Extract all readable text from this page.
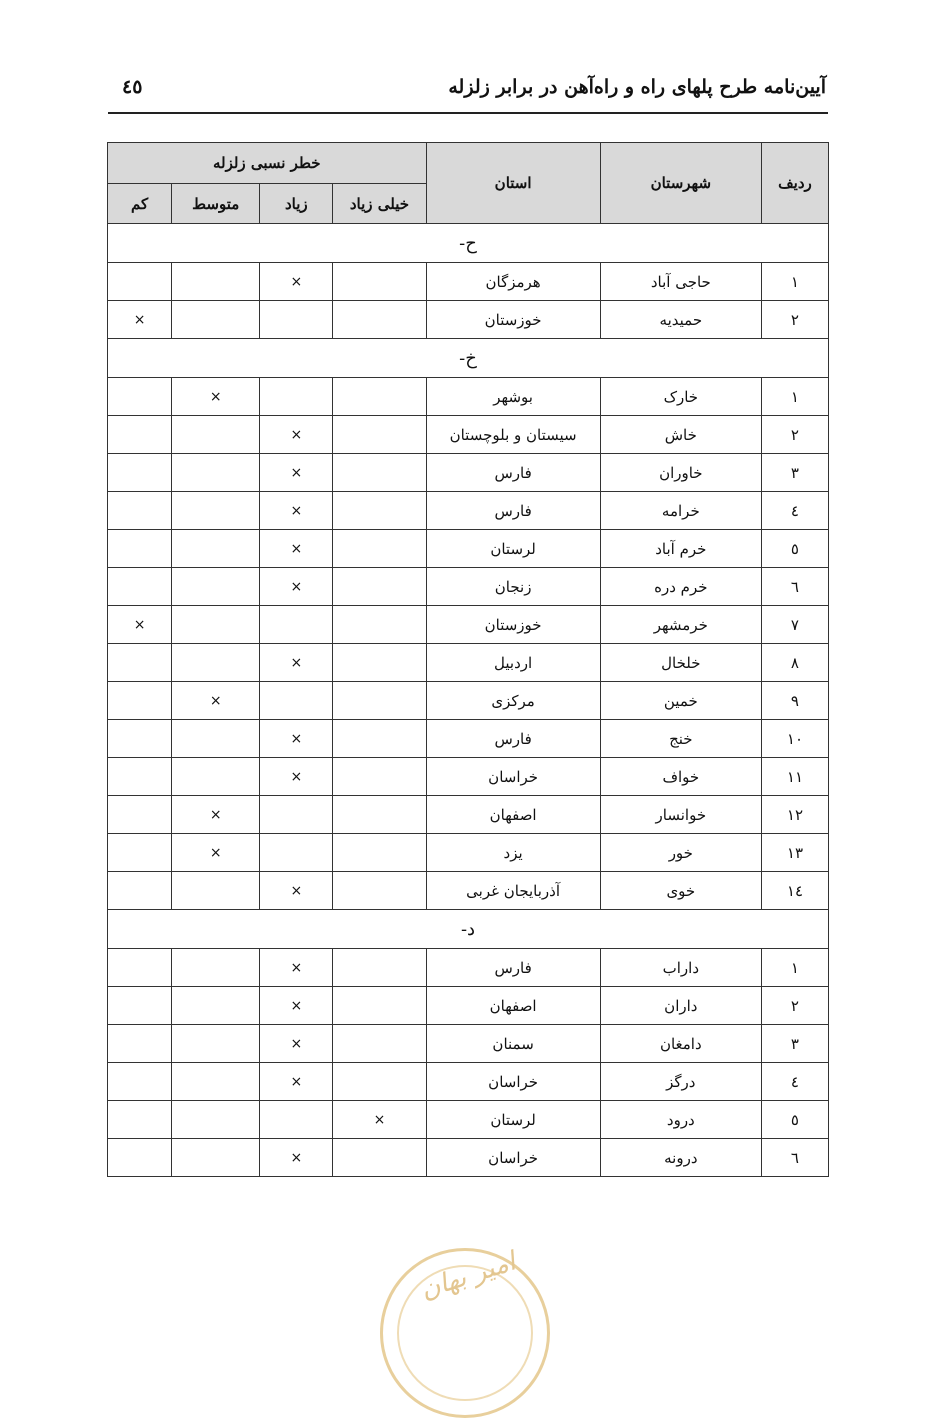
آیین‌نامه طرح پلهای راه و راه‌آهن در برابر زلزله
٤٥
ردیف	شهرستان	استان	خطر نسبی زلزله			
			خیلی زیاد	زیاد	متوسط	کم
ح-						
١	حاجی آباد	هرمزگان		×		
٢	حمیدیه	خوزستان				×
خ-						
١	خارک	بوشهر			×	
٢	خاش	سیستان و بلوچستان		×		
٣	خاوران	فارس		×		
٤	خرامه	فارس		×		
٥	خرم آباد	لرستان		×		
٦	خرم دره	زنجان		×		
٧	خرمشهر	خوزستان				×
٨	خلخال	اردبیل		×		
٩	خمین	مرکزی			×	
١٠	خنج	فارس		×		
١١	خواف	خراسان		×		
١٢	خوانسار	اصفهان			×	
١٣	خور	یزد			×	
١٤	خوی	آذربایجان غربی		×		
د-						
١	داراب	فارس		×		
٢	داران	اصفهان		×		
٣	دامغان	سمنان		×		
٤	درگز	خراسان		×		
٥	درود	لرستان	×			
٦	درونه	خراسان		×		
امیر بهان
